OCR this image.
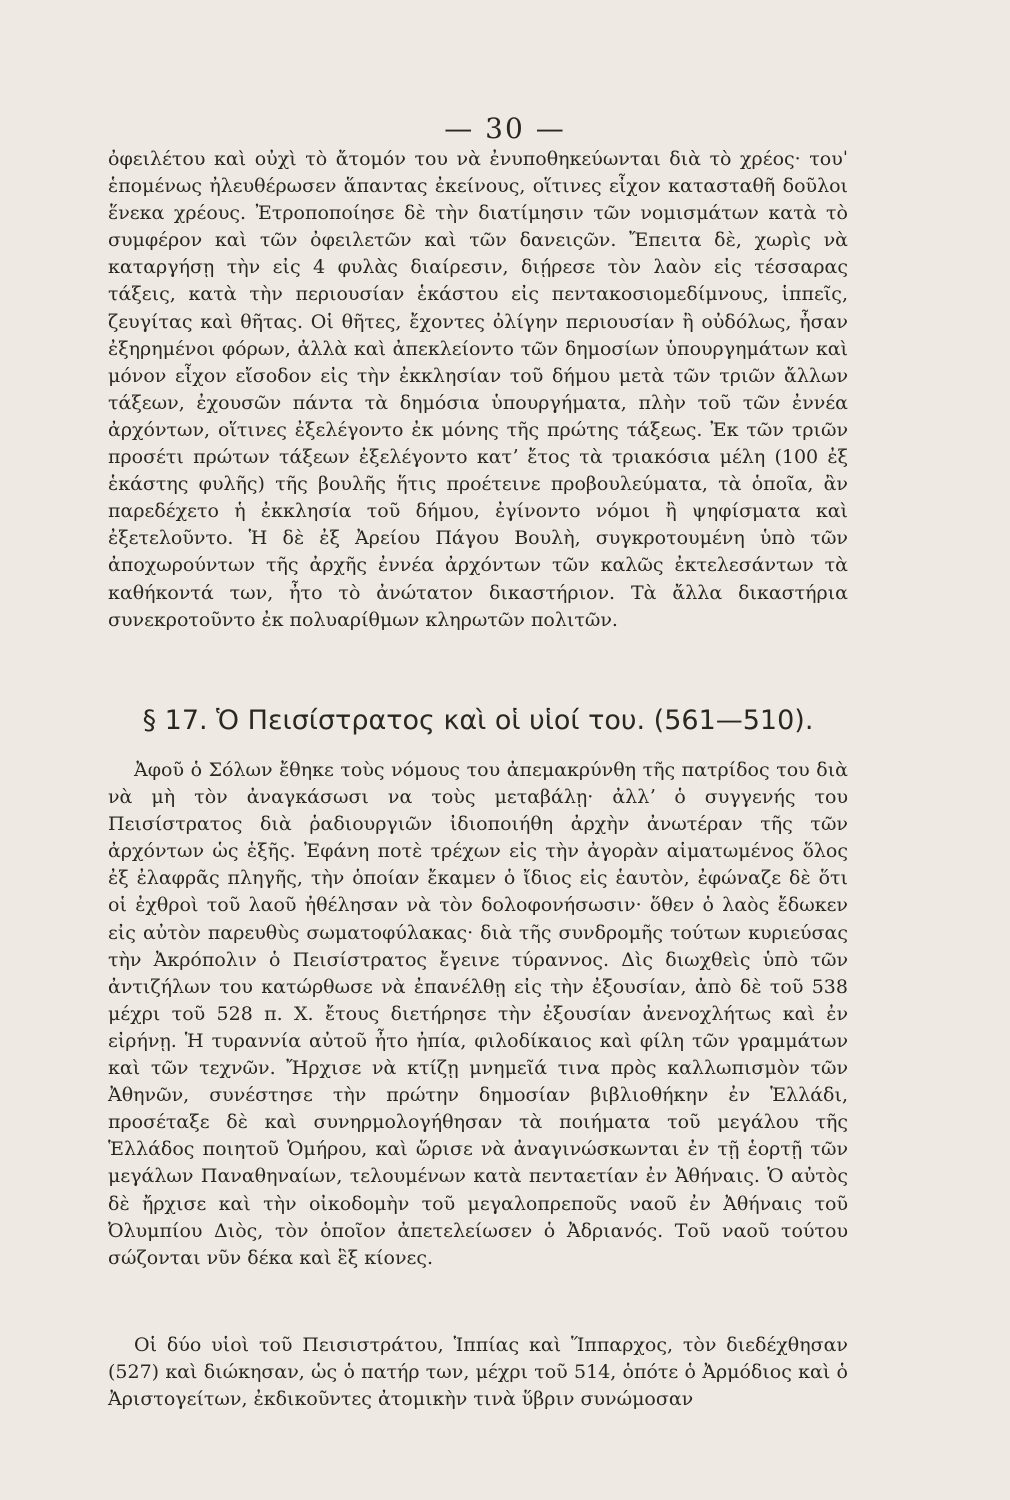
— 30 —

ὀφειλέτου καὶ οὐχὶ τὸ ἄτομόν του νὰ ἐνυποθηκεύωνται διὰ τὸ χρέος· τουˈ ἑπομένως ἠλευθέρωσεν ἅπαντας ἐκείνους, οἵτινες εἶχον κατασταθῆ δοῦλοι ἕνεκα χρέους. Ἐτροποποίησε δὲ τὴν διατίμησιν τῶν νομισμάτων κατὰ τὸ συμφέρον καὶ τῶν ὀφειλετῶν καὶ τῶν δανειςῶν. Ἔπειτα δὲ, χωρὶς νὰ καταργήσῃ τὴν εἰς 4 φυλὰς διαίρεσιν, διῄρεσε τὸν λαὸν εἰς τέσσαρας τάξεις, κατὰ τὴν περιουσίαν ἑκάστου εἰς πεντακοσιομεδίμνους, ἱππεῖς, ζευγίτας καὶ θῆτας. Οἱ θῆτες, ἔχοντες ὀλίγην περιουσίαν ἢ οὐδόλως, ἦσαν ἐξηρημένοι φόρων, ἀλλὰ καὶ ἀπεκλείοντο τῶν δημοσίων ὑπουργημάτων καὶ μόνον εἶχον εἴσοδον εἰς τὴν ἐκκλησίαν τοῦ δήμου μετὰ τῶν τριῶν ἄλλων τάξεων, ἐχουσῶν πάντα τὰ δημόσια ὑπουργήματα, πλὴν τοῦ τῶν ἐννέα ἀρχόντων, οἵτινες ἐξελέγοντο ἐκ μόνης τῆς πρώτης τάξεως. Ἐκ τῶν τριῶν προσέτι πρώτων τάξεων ἐξελέγοντο κατʼ ἔτος τὰ τριακόσια μέλη (100 ἐξ ἑκάστης φυλῆς) τῆς βουλῆς ἥτις προέτεινε προβουλεύματα, τὰ ὁποῖα, ἂν παρεδέχετο ἡ ἐκκλησία τοῦ δήμου, ἐγίνοντο νόμοι ἢ ψηφίσματα καὶ ἐξετελοῦντο. Ἡ δὲ ἐξ Ἀρείου Πάγου Βουλὴ, συγκροτουμένη ὑπὸ τῶν ἀποχωρούντων τῆς ἀρχῆς ἐννέα ἀρχόντων τῶν καλῶς ἐκτελεσάντων τὰ καθήκοντά των, ἦτο τὸ ἀνώτατον δικαστήριον. Τὰ ἄλλα δικαστήρια συνεκροτοῦντο ἐκ πολυαρίθμων κληρωτῶν πολιτῶν.

§ 17. Ὁ Πεισίστρατος καὶ οἱ υἱοί του. (561—510).

Ἀφοῦ ὁ Σόλων ἔθηκε τοὺς νόμους του ἀπεμακρύνθη τῆς πατρίδος του διὰ νὰ μὴ τὸν ἀναγκάσωσι να τοὺς μεταβάλῃ· ἀλλʼ ὁ συγγενής του Πεισίστρατος διὰ ῥαδιουργιῶν ἰδιοποιήθη ἀρχὴν ἀνωτέραν τῆς τῶν ἀρχόντων ὡς ἑξῆς. Ἐφάνη ποτὲ τρέχων εἰς τὴν ἀγορὰν αἱματωμένος ὅλος ἐξ ἐλαφρᾶς πληγῆς, τὴν ὁποίαν ἔκαμεν ὁ ἴδιος εἰς ἑαυτὸν, ἐφώναζε δὲ ὅτι οἱ ἐχθροὶ τοῦ λαοῦ ἠθέλησαν νὰ τὸν δολοφονήσωσιν· ὅθεν ὁ λαὸς ἔδωκεν εἰς αὐτὸν παρευθὺς σωματοφύλακας· διὰ τῆς συνδρομῆς τούτων κυριεύσας τὴν Ἀκρόπολιν ὁ Πεισίστρατος ἔγεινε τύραννος. Δὶς διωχθεὶς ὑπὸ τῶν ἀντιζήλων του κατώρθωσε νὰ ἐπανέλθῃ εἰς τὴν ἐξουσίαν, ἀπὸ δὲ τοῦ 538 μέχρι τοῦ 528 π. Χ. ἔτους διετήρησε τὴν ἐξουσίαν ἀνενοχλήτως καὶ ἐν εἰρήνῃ. Ἡ τυραννία αὐτοῦ ἦτο ἠπία, φιλοδίκαιος καὶ φίλη τῶν γραμμάτων καὶ τῶν τεχνῶν. Ἤρχισε νὰ κτίζῃ μνημεῖά τινα πρὸς καλλωπισμὸν τῶν Ἀθηνῶν, συνέστησε τὴν πρώτην δημοσίαν βιβλιοθήκην ἐν Ἑλλάδι, προσέταξε δὲ καὶ συνηρμολογήθησαν τὰ ποιήματα τοῦ μεγάλου τῆς Ἑλλάδος ποιητοῦ Ὁμήρου, καὶ ὥρισε νὰ ἀναγινώσκωνται ἐν τῇ ἑορτῇ τῶν μεγάλων Παναθηναίων, τελουμένων κατὰ πενταετίαν ἐν Ἀθήναις. Ὁ αὐτὸς δὲ ἤρχισε καὶ τὴν οἰκοδομὴν τοῦ μεγαλοπρεποῦς ναοῦ ἐν Ἀθήναις τοῦ Ὀλυμπίου Διὸς, τὸν ὁποῖον ἀπετελείωσεν ὁ Ἀδριανός. Τοῦ ναοῦ τούτου σώζονται νῦν δέκα καὶ ἓξ κίονες.

Οἱ δύο υἱοὶ τοῦ Πεισιστράτου, Ἱππίας καὶ Ἵππαρχος, τὸν διεδέχθησαν (527) καὶ διώκησαν, ὡς ὁ πατήρ των, μέχρι τοῦ 514, ὁπότε ὁ Ἀρμόδιος καὶ ὁ Ἀριστογείτων, ἐκδικοῦντες ἀτομικὴν τινὰ ὕβριν συνώμοσαν
